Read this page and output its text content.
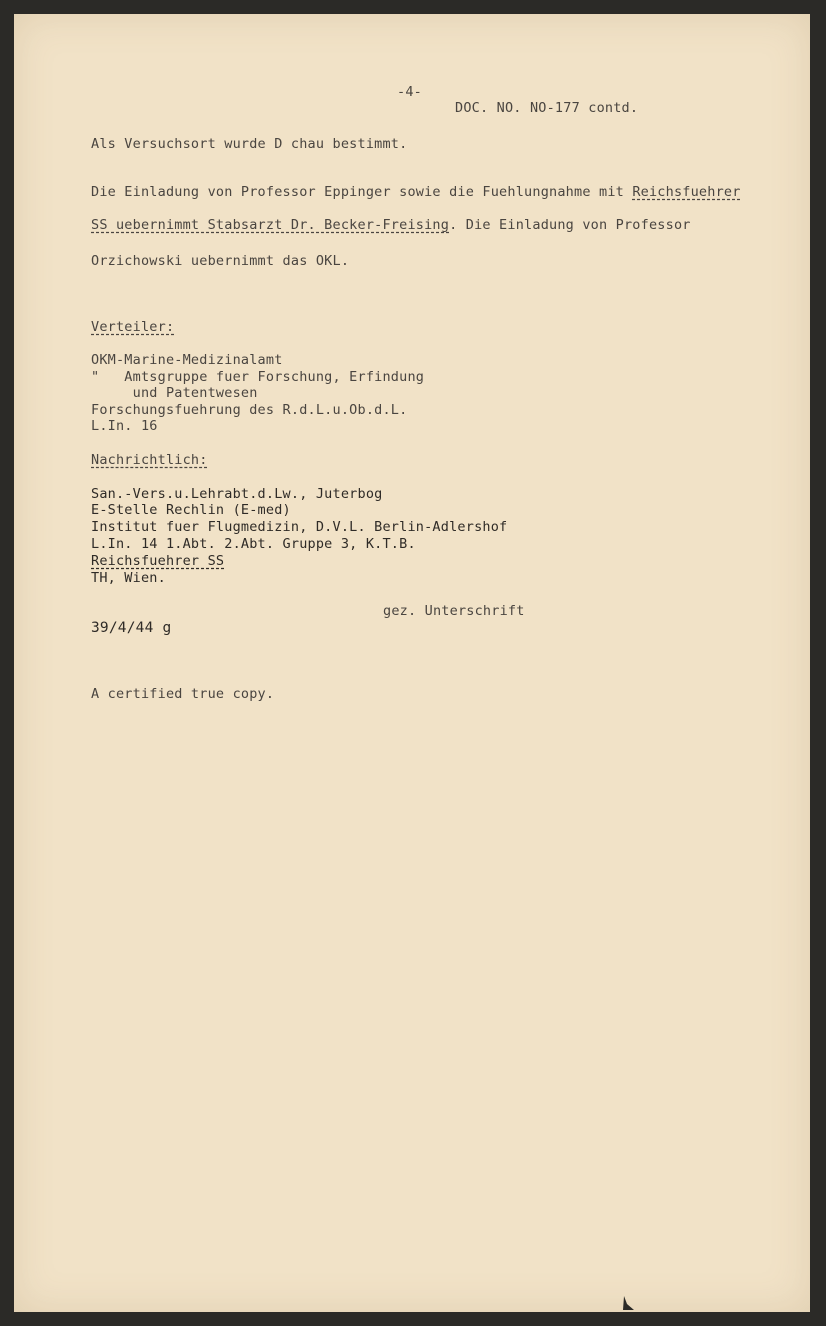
-4-
DOC. NO. NO-177 contd.
Als Versuchsort wurde D chau bestimmt.
Die Einladung von Professor Eppinger sowie die Fuehlungnahme mit Reichsfuehrer
SS uebernimmt Stabsarzt Dr. Becker-Freising. Die Einladung von Professor
Orzichowski uebernimmt das OKL.
Verteiler:
OKM-Marine-Medizinalamt
"   Amtsgruppe fuer Forschung, Erfindung
und Patentwesen
Forschungsfuehrung des R.d.L.u.Ob.d.L.
L.In. 16
Nachrichtlich:
San.-Vers.u.Lehrabt.d.Lw., Juterbog
E-Stelle Rechlin (E-med)
Institut fuer Flugmedizin, D.V.L. Berlin-Adlershof
L.In. 14 1.Abt. 2.Abt. Gruppe 3, K.T.B.
Reichsfuehrer SS
TH, Wien.
gez. Unterschrift
39/4/44 g
A certified true copy.
